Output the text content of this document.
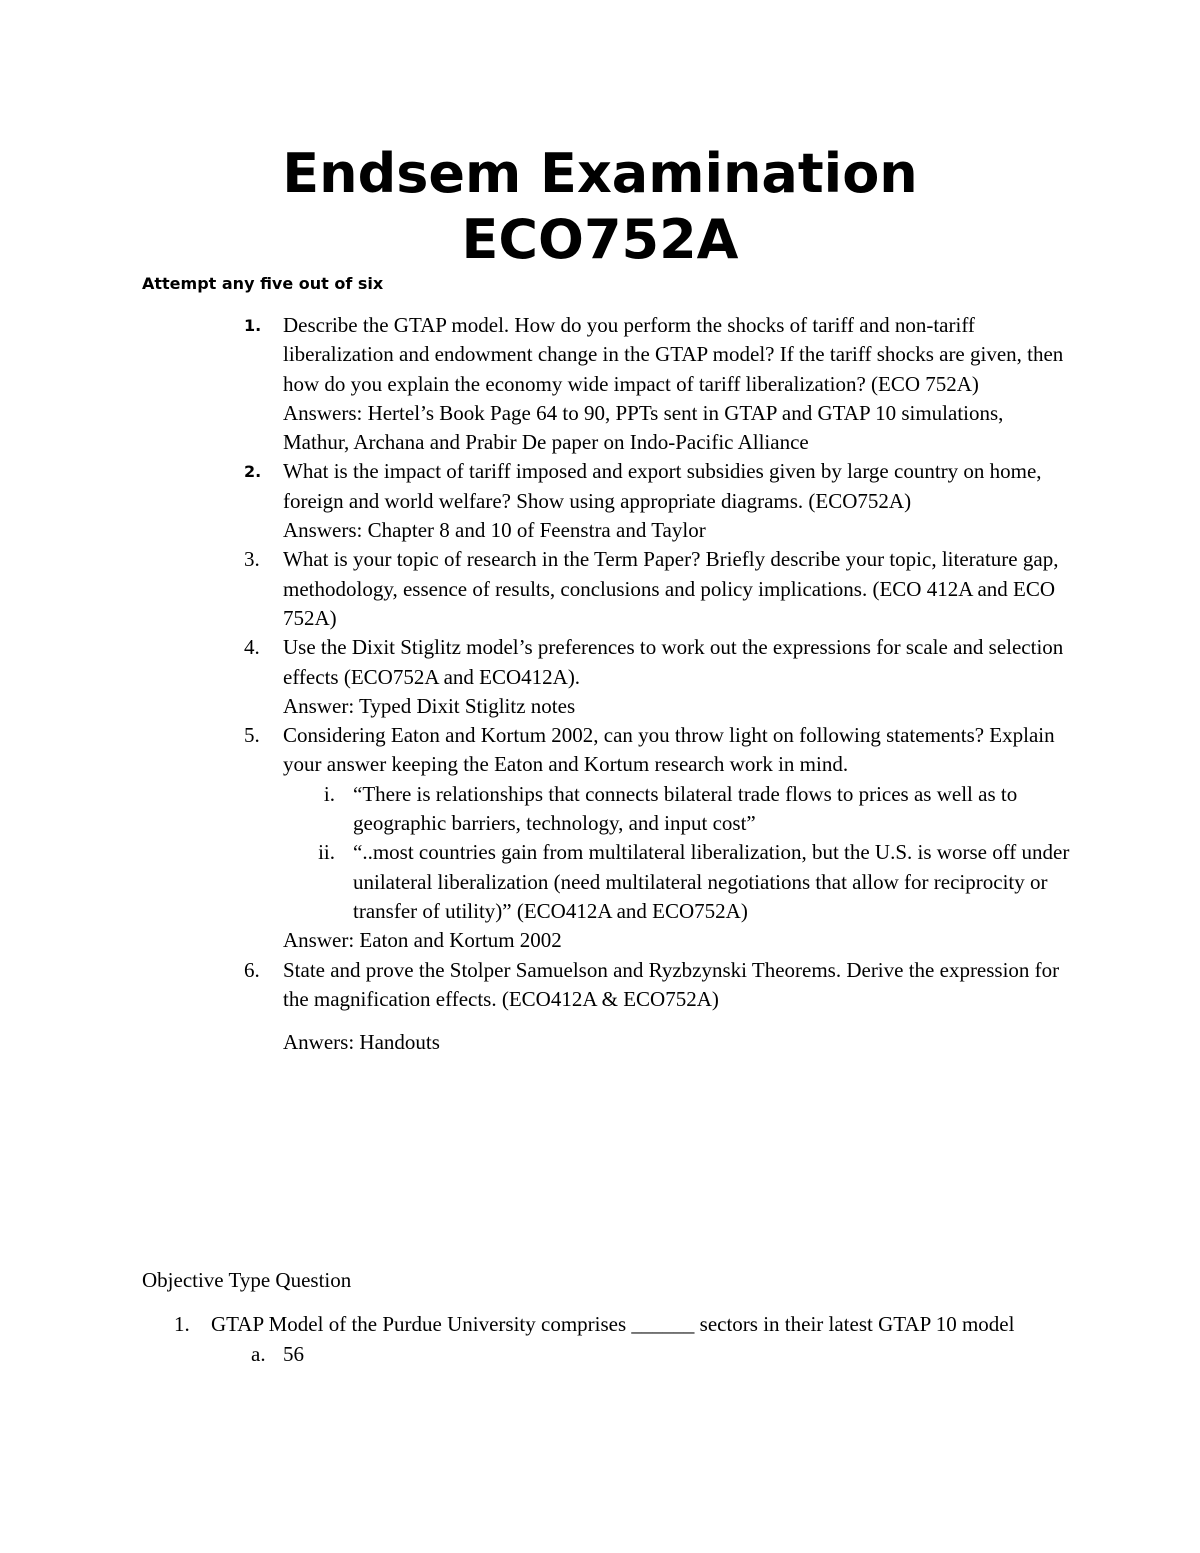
Endsem Examination
ECO752A

Attempt any five out of six

1.	Describe the GTAP model. How do you perform the shocks of tariff and non-tariff liberalization and endowment change in the GTAP model? If the tariff shocks are given, then how do you explain the economy wide impact of tariff liberalization? (ECO 752A)

Answers: Hertel’s Book Page 64 to 90, PPTs sent in GTAP and GTAP 10 simulations, Mathur, Archana and Prabir De paper on Indo-Pacific Alliance

2.	What is the impact of tariff imposed and export subsidies given by large country on home, foreign and world welfare? Show using appropriate diagrams. (ECO752A)

Answers: Chapter 8 and 10 of Feenstra and Taylor

3.	What is your topic of research in the Term Paper? Briefly describe your topic, literature gap, methodology, essence of results, conclusions and policy implications. (ECO 412A and ECO 752A)

4.	Use the Dixit Stiglitz model’s preferences to work out the expressions for scale and selection effects (ECO752A and ECO412A).

Answer: Typed Dixit Stiglitz notes

5.	Considering Eaton and Kortum 2002, can you throw light on following statements? Explain your answer keeping the Eaton and Kortum research work in mind.

i. “There is relationships that connects bilateral trade flows to prices as well as to geographic barriers, technology, and input cost”

ii. “..most countries gain from multilateral liberalization, but the U.S. is worse off under unilateral liberalization (need multilateral negotiations that allow for reciprocity or transfer of utility)” (ECO412A and ECO752A)

Answer: Eaton and Kortum 2002

6.	State and prove the Stolper Samuelson and Ryzbzynski Theorems. Derive the expression for the magnification effects. (ECO412A & ECO752A)

Anwers: Handouts

Objective Type Question

1. GTAP Model of the Purdue University comprises ______ sectors in their latest GTAP 10 model

a. 56
